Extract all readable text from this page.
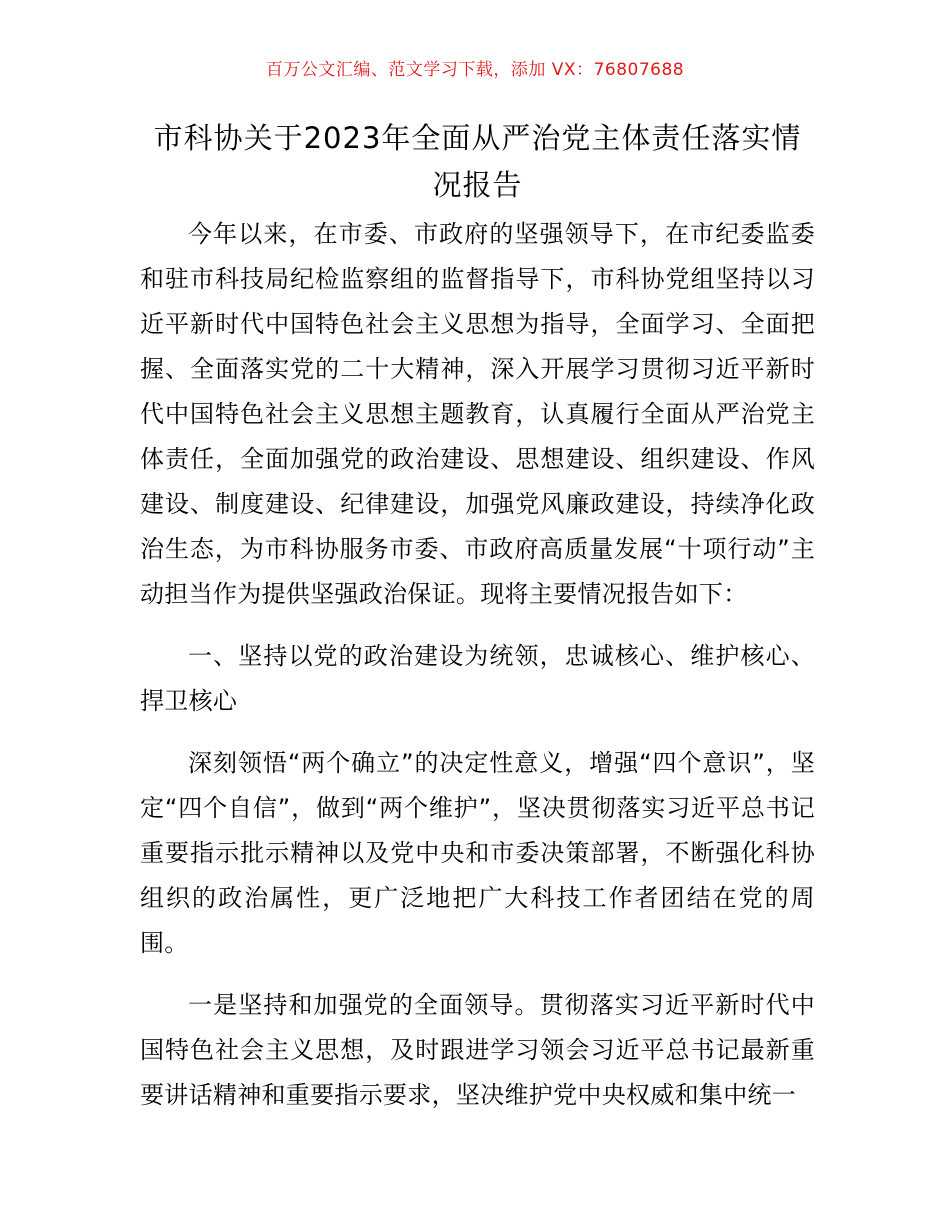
百万公文汇编、范文学习下载，添加 VX：76807688
市科协关于2023年全面从严治党主体责任落实情况报告

今年以来，在市委、市政府的坚强领导下，在市纪委监委和驻市科技局纪检监察组的监督指导下，市科协党组坚持以习近平新时代中国特色社会主义思想为指导，全面学习、全面把握、全面落实党的二十大精神，深入开展学习贯彻习近平新时代中国特色社会主义思想主题教育，认真履行全面从严治党主体责任，全面加强党的政治建设、思想建设、组织建设、作风建设、制度建设、纪律建设，加强党风廉政建设，持续净化政治生态，为市科协服务市委、市政府高质量发展“十项行动”主动担当作为提供坚强政治保证。现将主要情况报告如下：

一、坚持以党的政治建设为统领，忠诚核心、维护核心、捍卫核心

深刻领悟“两个确立”的决定性意义，增强“四个意识”，坚定“四个自信”，做到“两个维护”，坚决贯彻落实习近平总书记重要指示批示精神以及党中央和市委决策部署，不断强化科协组织的政治属性，更广泛地把广大科技工作者团结在党的周围。

一是坚持和加强党的全面领导。贯彻落实习近平新时代中国特色社会主义思想，及时跟进学习领会习近平总书记最新重要讲话精神和重要指示要求，坚决维护党中央权威和集中统一
